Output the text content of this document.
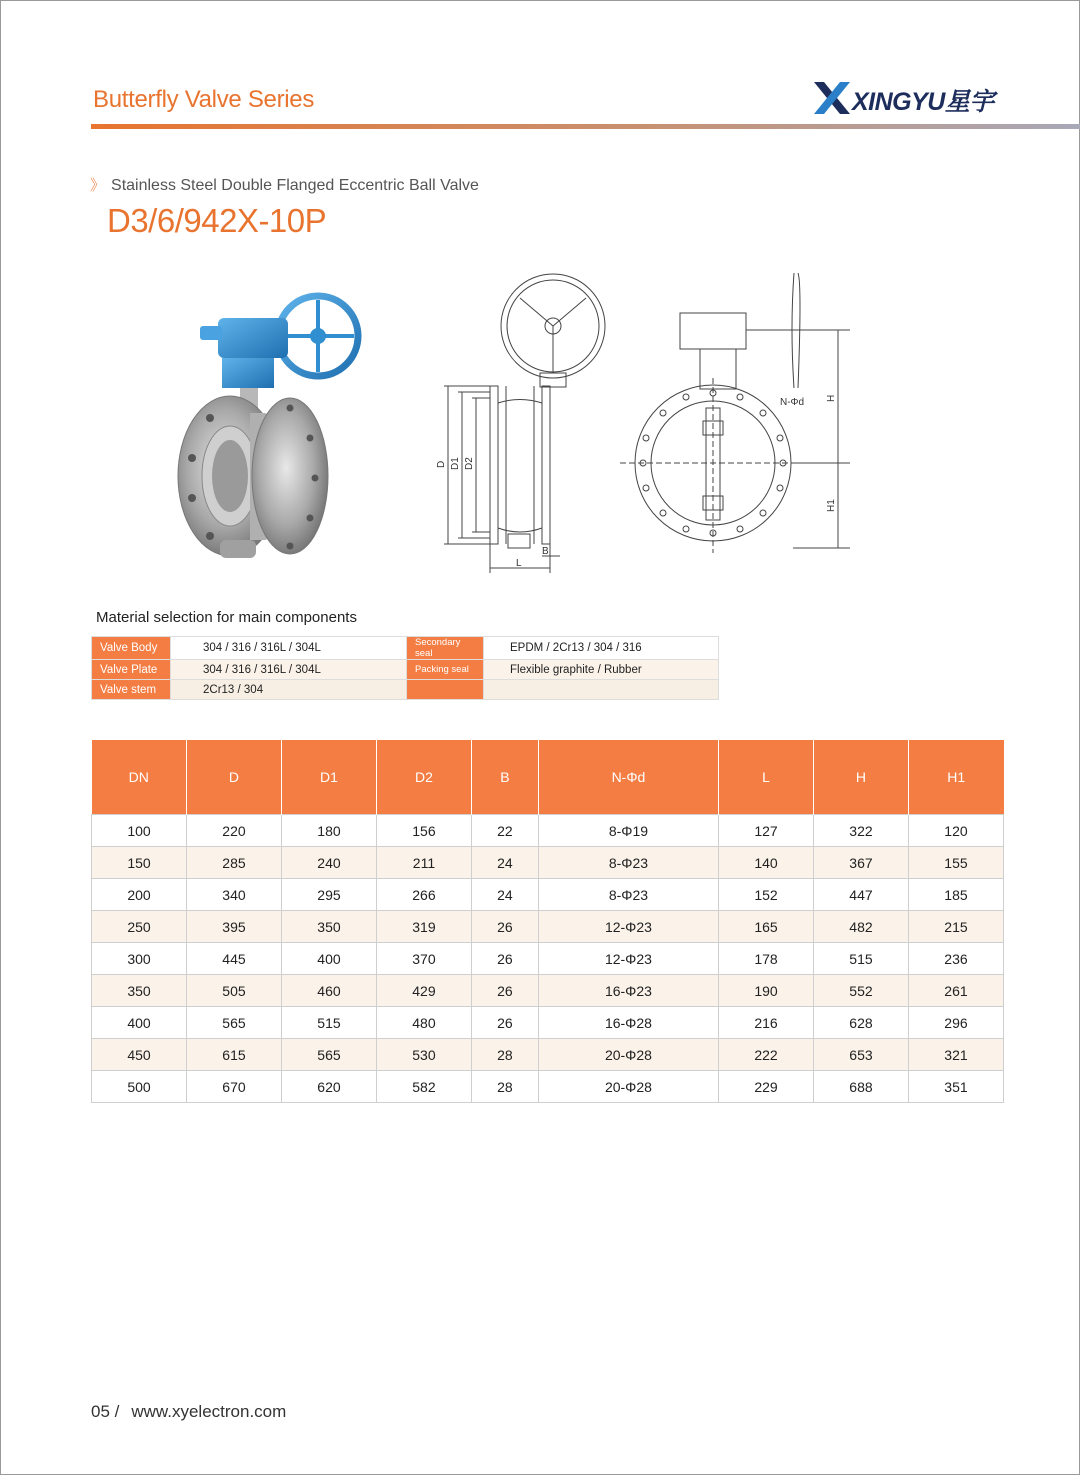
Butterfly Valve Series	XINGYU星宇
》 Stainless Steel Double Flanged Eccentric Ball Valve
D3/6/942X-10P
D D1 D2
B
L
H
H1
N-Φd
Material selection for main components
Valve Body	304 / 316 / 316L / 304L	Secondary seal	EPDM / 2Cr13 / 304 / 316
Valve Plate	304 / 316 / 316L / 304L	Packing seal	Flexible graphite / Rubber
Valve stem	2Cr13 / 304		
DN	D	D1	D2	B	N-Φd	L	H	H1
100	220	180	156	22	8-Φ19	127	322	120
150	285	240	211	24	8-Φ23	140	367	155
200	340	295	266	24	8-Φ23	152	447	185
250	395	350	319	26	12-Φ23	165	482	215
300	445	400	370	26	12-Φ23	178	515	236
350	505	460	429	26	16-Φ23	190	552	261
400	565	515	480	26	16-Φ28	216	628	296
450	615	565	530	28	20-Φ28	222	653	321
500	670	620	582	28	20-Φ28	229	688	351
05 / www.xyelectron.com
